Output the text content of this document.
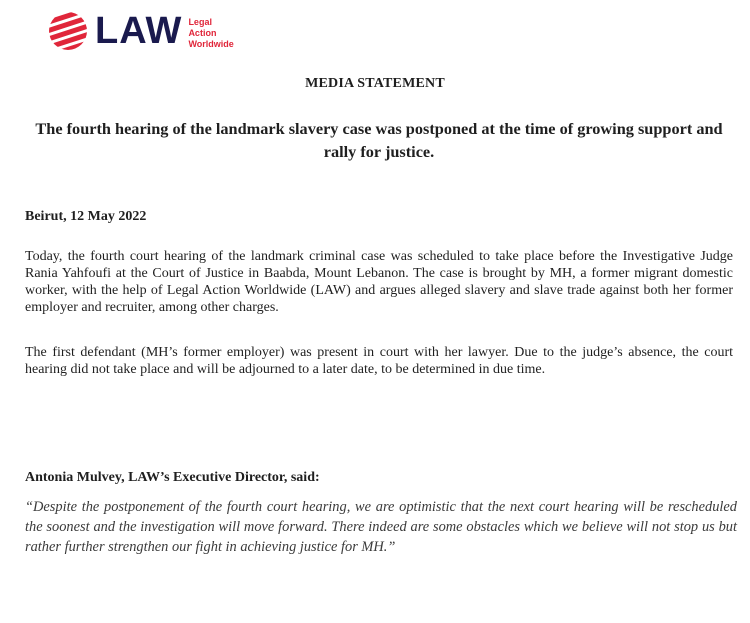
LAW Legal
Action
Worldwide
MEDIA STATEMENT
The fourth hearing of the landmark slavery case was postponed at the time of growing support and rally for justice.
Beirut, 12 May 2022

Today, the fourth court hearing of the landmark criminal case was scheduled to take place before the Investigative Judge Rania Yahfoufi at the Court of Justice in Baabda, Mount Lebanon. The case is brought by MH, a former migrant domestic worker, with the help of Legal Action Worldwide (LAW) and argues alleged slavery and slave trade against both her former employer and recruiter, among other charges.

The first defendant (MH’s former employer) was present in court with her lawyer. Due to the judge’s absence, the court hearing did not take place and will be adjourned to a later date, to be determined in due time.

Antonia Mulvey, LAW’s Executive Director, said:

“Despite the postponement of the fourth court hearing, we are optimistic that the next court hearing will be rescheduled the soonest and the investigation will move forward. There indeed are some obstacles which we believe will not stop us but rather further strengthen our fight in achieving justice for MH.”
